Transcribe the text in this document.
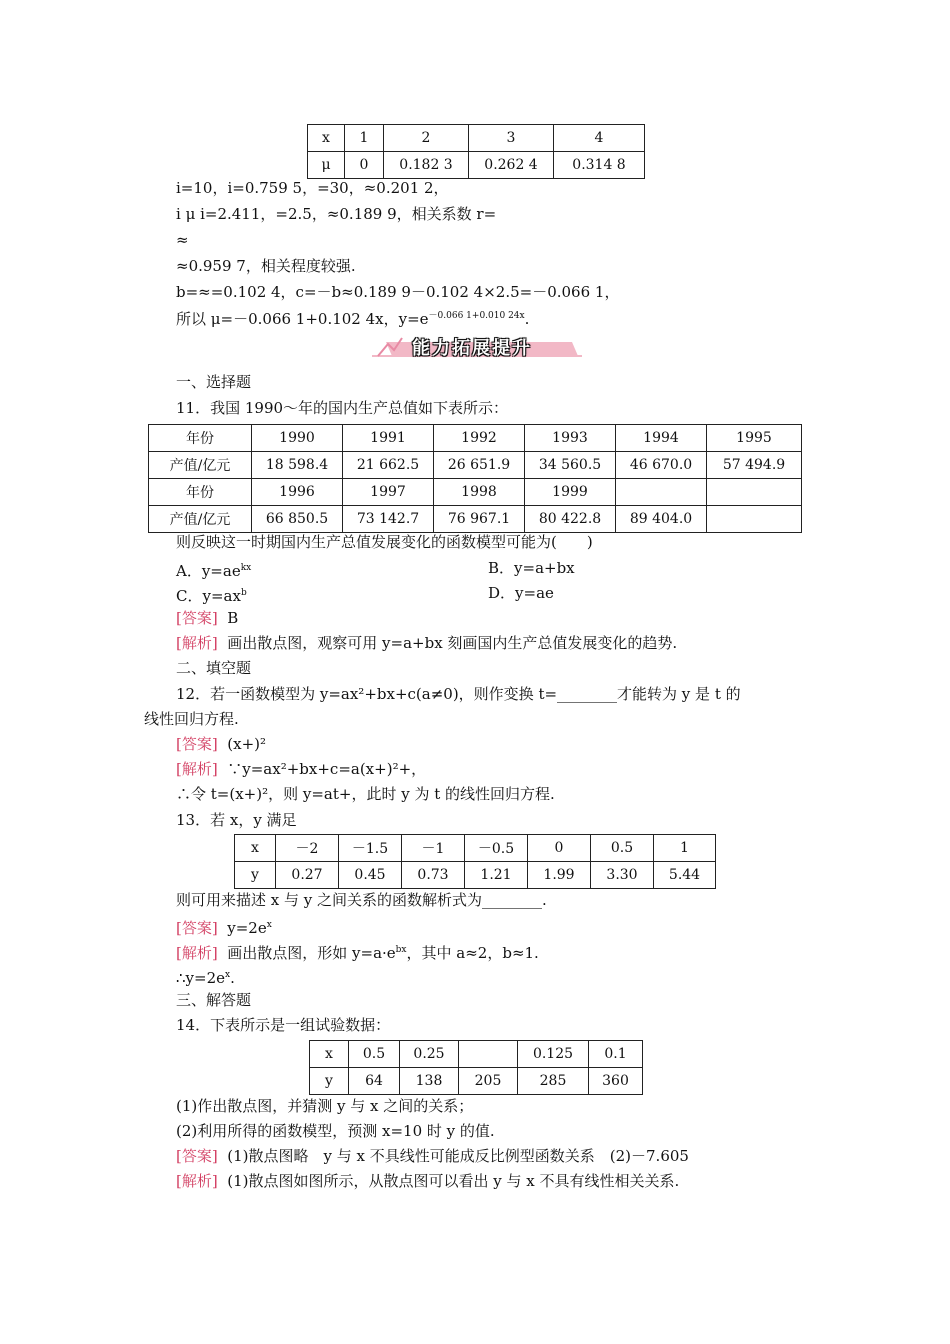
x	1	2	3	4
μ	0	0.182 3	0.262 4	0.314 8
i=10，i=0.759 5，=30，≈0.201 2，
i μ i=2.411，=2.5，≈0.189 9，相关系数 r=
≈
≈0.959 7，相关程度较强.
b=≈=0.102 4，c=－b≈0.189 9－0.102 4×2.5=－0.066 1，
所以 μ=－0.066 1+0.102 4x，$y=e^{-0.066 1+0.010 24x}$.
能力拓展提升
一、选择题
11．我国 1990～年的国内生产总值如下表所示：
年份	1990	1991	1992	1993	1994	1995
产值/亿元	18 598.4	21 662.5	26 651.9	34 560.5	46 670.0	57 494.9
年份	1996	1997	1998	1999		
产值/亿元	66 850.5	73 142.7	76 967.1	80 422.8	89 404.0	
则反映这一时期国内生产总值发展变化的函数模型可能为(　　)
A．$y=ae^{kx}$	B．y=a+bx
C．$y=ax^b$	D．y=ae
[答案] B
[解析] 画出散点图，观察可用 y=a+bx 刻画国内生产总值发展变化的趋势.
二、填空题
12．若一函数模型为 y=ax²+bx+c(a≠0)，则作变换 t=________才能转为 y 是 t 的
线性回归方程.
[答案] (x+)²
[解析] ∵y=ax²+bx+c=a(x+)²+，
∴令 t=(x+)²，则 y=at+，此时 y 为 t 的线性回归方程.
13．若 x，y 满足
x	－2	－1.5	－1	－0.5	0	0.5	1
y	0.27	0.45	0.73	1.21	1.99	3.30	5.44
则可用来描述 x 与 y 之间关系的函数解析式为________.
[答案] $y=2e^x$
[解析] 画出散点图，形如 $y=a\cdot e^{bx}$，其中 a≈2，b≈1.
$\therefore y=2e^x$.
三、解答题
14．下表所示是一组试验数据：
x	0.5	0.25		0.125	0.1
y	64	138	205	285	360
(1)作出散点图，并猜测 y 与 x 之间的关系；
(2)利用所得的函数模型，预测 x=10 时 y 的值.
[答案] (1)散点图略　y 与 x 不具线性可能成反比例型函数关系　(2)－7.605
[解析] (1)散点图如图所示，从散点图可以看出 y 与 x 不具有线性相关关系.
